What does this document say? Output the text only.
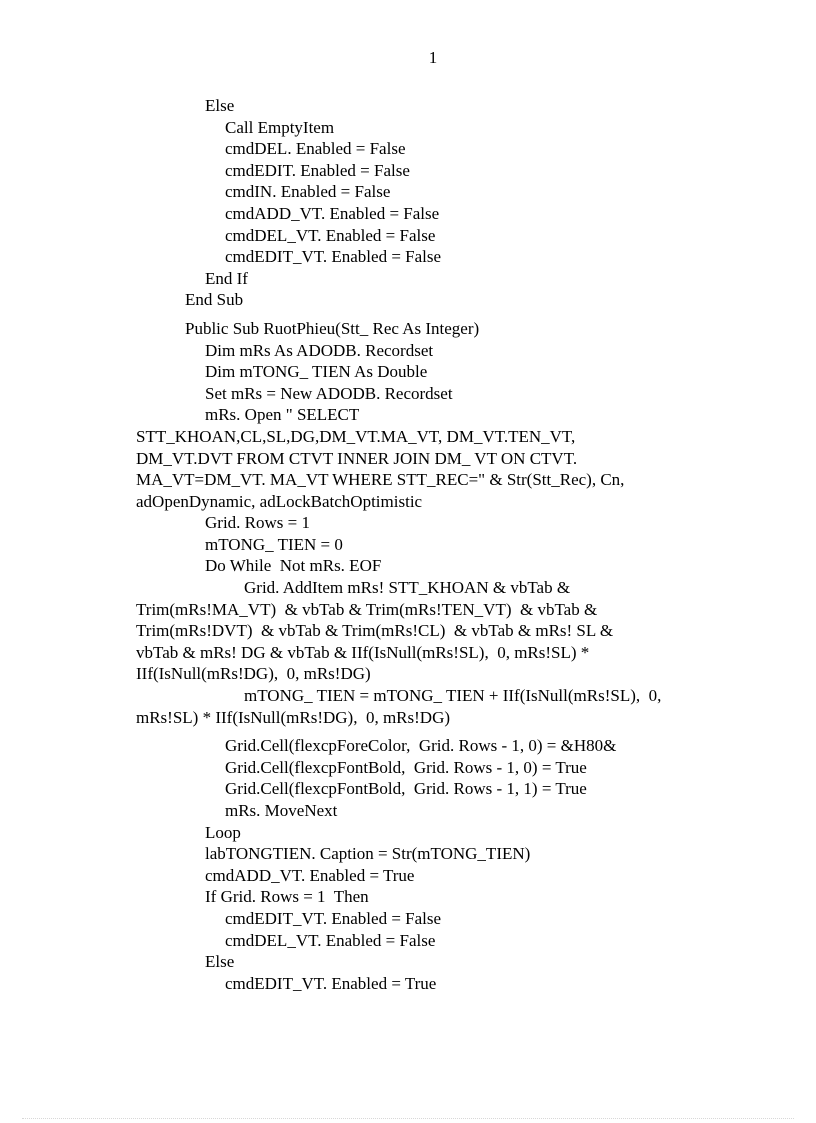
1
Else
Call EmptyItem
cmdDEL. Enabled = False
cmdEDIT. Enabled = False
cmdIN. Enabled = False
cmdADD_VT. Enabled = False
cmdDEL_VT. Enabled = False
cmdEDIT_VT. Enabled = False
End If
End Sub
Public Sub RuotPhieu(Stt_ Rec As Integer)
Dim mRs As ADODB. Recordset
Dim mTONG_ TIEN As Double
Set mRs = New ADODB. Recordset
mRs. Open " SELECT
STT_KHOAN,CL,SL,DG,DM_VT.MA_VT, DM_VT.TEN_VT,
DM_VT.DVT FROM CTVT INNER JOIN DM_ VT ON CTVT.
MA_VT=DM_VT. MA_VT WHERE STT_REC=" & Str(Stt_Rec), Cn,
adOpenDynamic, adLockBatchOptimistic
Grid. Rows = 1
mTONG_ TIEN = 0
Do While  Not mRs. EOF
Grid. AddItem mRs! STT_KHOAN & vbTab &
Trim(mRs!MA_VT)  & vbTab & Trim(mRs!TEN_VT)  & vbTab &
Trim(mRs!DVT)  & vbTab & Trim(mRs!CL)  & vbTab & mRs! SL &
vbTab & mRs! DG & vbTab & IIf(IsNull(mRs!SL),  0, mRs!SL) *
IIf(IsNull(mRs!DG),  0, mRs!DG)
mTONG_ TIEN = mTONG_ TIEN + IIf(IsNull(mRs!SL),  0,
mRs!SL) * IIf(IsNull(mRs!DG),  0, mRs!DG)
Grid.Cell(flexcpForeColor,  Grid. Rows - 1, 0) = &H80&
Grid.Cell(flexcpFontBold,  Grid. Rows - 1, 0) = True
Grid.Cell(flexcpFontBold,  Grid. Rows - 1, 1) = True
mRs. MoveNext
Loop
labTONGTIEN. Caption = Str(mTONG_TIEN)
cmdADD_VT. Enabled = True
If Grid. Rows = 1  Then
cmdEDIT_VT. Enabled = False
cmdDEL_VT. Enabled = False
Else
cmdEDIT_VT. Enabled = True
